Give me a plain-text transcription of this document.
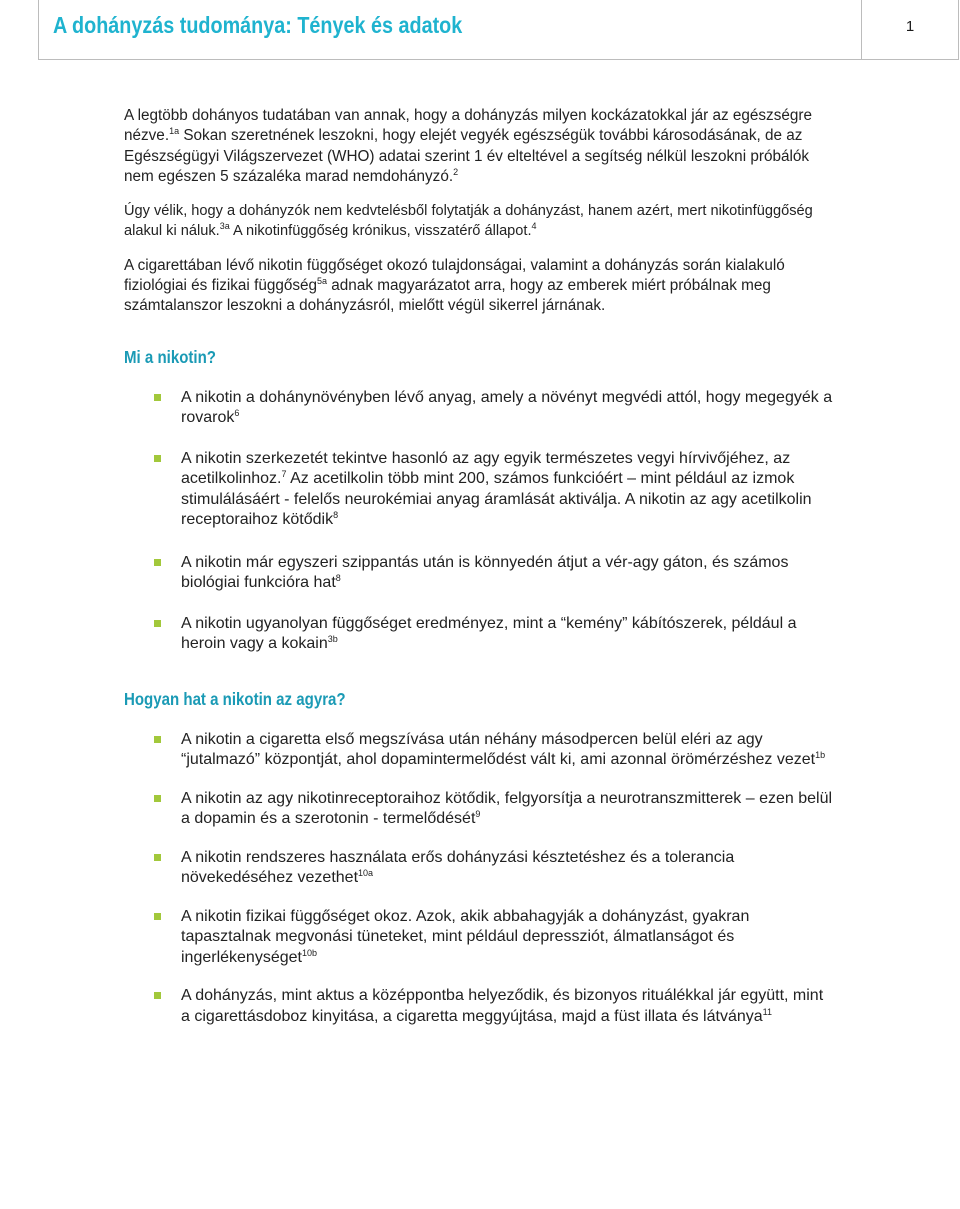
A dohányzás tudománya: Tények és adatok	1

A legtöbb dohányos tudatában van annak, hogy a dohányzás milyen kockázatokkal jár az egészségre nézve.$^{1a}$ Sokan szeretnének leszokni, hogy elejét vegyék egészségük további károsodásának, de az Egészségügyi Világszervezet (WHO) adatai szerint 1 év elteltével a segítség nélkül leszokni próbálók nem egészen 5 százaléka marad nemdohányzó.$^2$

Úgy vélik, hogy a dohányzók nem kedvtelésből folytatják a dohányzást, hanem azért, mert nikotinfüggőség alakul ki náluk.$^{3a}$ A nikotinfüggőség krónikus, visszatérő állapot.$^4$

A cigarettában lévő nikotin függőséget okozó tulajdonságai, valamint a dohányzás során kialakuló fiziológiai és fizikai függőség$^{5a}$ adnak magyarázatot arra, hogy az emberek miért próbálnak meg számtalanszor leszokni a dohányzásról, mielőtt végül sikerrel járnának.

Mi a nikotin?
A nikotin a dohánynövényben lévő anyag, amely a növényt megvédi attól, hogy megegyék a rovarok$^6$
A nikotin szerkezetét tekintve hasonló az agy egyik természetes vegyi hírvivőjéhez, az acetilkolinhoz.$^7$ Az acetilkolin több mint 200, számos funkcióért – mint például az izmok stimulálásáért - felelős neurokémiai anyag áramlását aktiválja. A nikotin az agy acetilkolin receptoraihoz kötődik$^8$
A nikotin már egyszeri szippantás után is könnyedén átjut a vér-agy gáton, és számos biológiai funkcióra hat$^8$
A nikotin ugyanolyan függőséget eredményez, mint a “kemény” kábítószerek, például a heroin vagy a kokain$^{3b}$
Hogyan hat a nikotin az agyra?
A nikotin a cigaretta első megszívása után néhány másodpercen belül eléri az agy “jutalmazó” központját, ahol dopamintermelődést vált ki, ami azonnal örömérzéshez vezet$^{1b}$
A nikotin az agy nikotinreceptoraihoz kötődik, felgyorsítja a neurotranszmitterek – ezen belül a dopamin és a szerotonin - termelődését$^9$
A nikotin rendszeres használata erős dohányzási késztetéshez és a tolerancia növekedéséhez vezethet$^{10a}$
A nikotin fizikai függőséget okoz. Azok, akik abbahagyják a dohányzást, gyakran tapasztalnak megvonási tüneteket, mint például depressziót, álmatlanságot és ingerlékenységet$^{10b}$
A dohányzás, mint aktus a középpontba helyeződik, és bizonyos rituálékkal jár együtt, mint a cigarettásdoboz kinyitása, a cigaretta meggyújtása, majd a füst illata és látványa$^{11}$
